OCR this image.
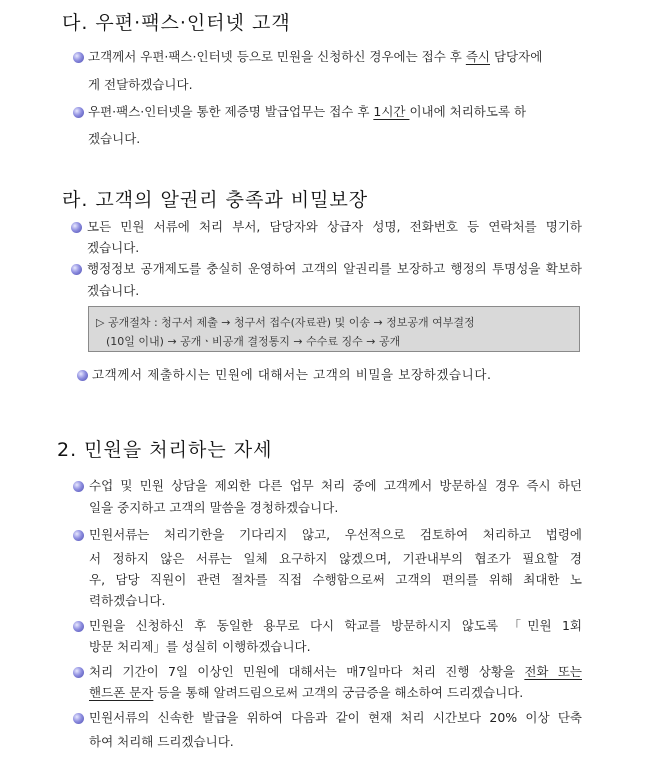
다. 우편·팩스·인터넷 고객
고객께서 우편·팩스·인터넷 등으로 민원을 신청하신 경우에는 접수 후 즉시 담당자에
게 전달하겠습니다.
우편·팩스·인터넷을 통한 제증명 발급업무는 접수 후 1시간 이내에 처리하도록 하
겠습니다.
라. 고객의 알권리 충족과 비밀보장
모든 민원 서류에 처리 부서, 담당자와 상급자 성명, 전화번호 등 연락처를 명기하
겠습니다.
행정정보 공개제도를 충실히 운영하여 고객의 알권리를 보장하고 행정의 투명성을 확보하
겠습니다.
▷ 공개절차 : 청구서 제출 → 청구서 접수(자료관) 및 이송 → 정보공개 여부결정
(10일 이내) → 공개ㆍ비공개 결정통지 → 수수료 징수 → 공개
고객께서 제출하시는 민원에 대해서는 고객의 비밀을 보장하겠습니다.
2. 민원을 처리하는 자세
수업 및 민원 상담을 제외한 다른 업무 처리 중에 고객께서 방문하실 경우 즉시 하던
일을 중지하고 고객의 말씀을 경청하겠습니다.
민원서류는 처리기한을 기다리지 않고, 우선적으로 검토하여 처리하고 법령에
서 정하지 않은 서류는 일체 요구하지 않겠으며, 기관내부의 협조가 필요할 경
우, 담당 직원이 관련 절차를 직접 수행함으로써 고객의 편의를 위해 최대한 노
력하겠습니다.
민원을 신청하신 후 동일한 용무로 다시 학교를 방문하시지 않도록 「민원 1회
방문 처리제」를 성실히 이행하겠습니다.
처리 기간이 7일 이상인 민원에 대해서는 매7일마다 처리 진행 상황을 전화 또는
핸드폰 문자 등을 통해 알려드림으로써 고객의 궁금증을 해소하여 드리겠습니다.
민원서류의 신속한 발급을 위하여 다음과 같이 현재 처리 시간보다 20% 이상 단축
하여 처리해 드리겠습니다.
